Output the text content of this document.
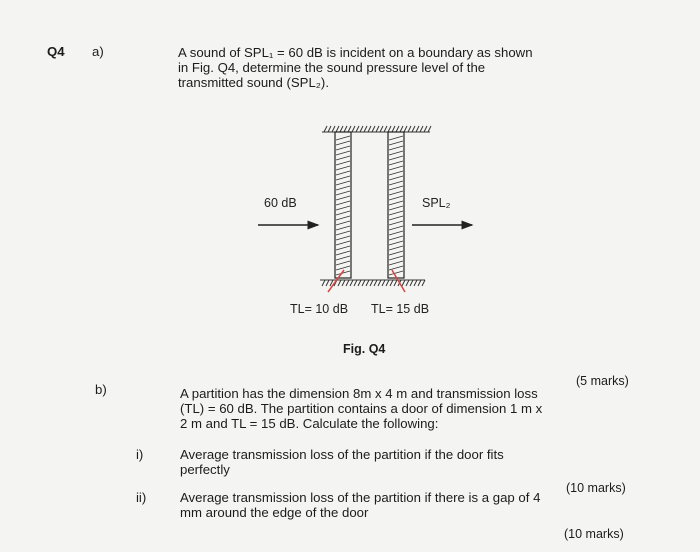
Q4 a)	A sound of SPL₁ = 60 dB is incident on a boundary as shown
in Fig. Q4, determine the sound pressure level of the
transmitted sound (SPL₂).
60 dB	SPL₂
TL= 10 dB TL= 15 dB
Fig. Q4
(5 marks)
b)	A partition has the dimension 8m x 4 m and transmission loss
(TL) = 60 dB. The partition contains a door of dimension 1 m x
2 m and TL = 15 dB. Calculate the following:
i)	Average transmission loss of the partition if the door fits
perfectly
(10 marks)
ii)	Average transmission loss of the partition if there is a gap of 4
mm around the edge of the door
(10 marks)
